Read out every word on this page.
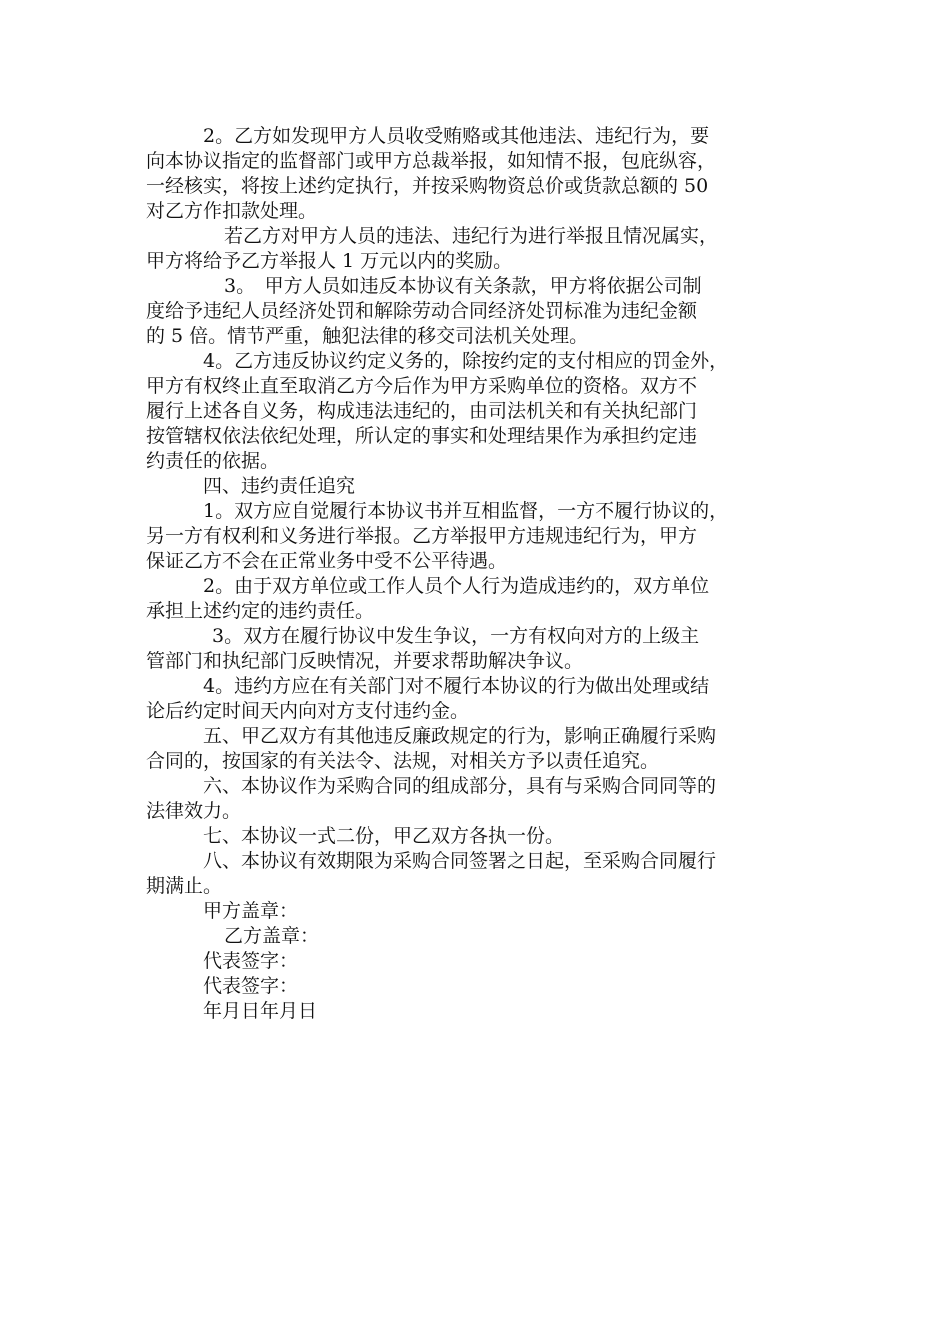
2。乙方如发现甲方人员收受贿赂或其他违法、违纪行为，要
向本协议指定的监督部门或甲方总裁举报，如知情不报，包庇纵容，
一经核实，将按上述约定执行，并按采购物资总价或货款总额的 50
对乙方作扣款处理。
若乙方对甲方人员的违法、违纪行为进行举报且情况属实，
甲方将给予乙方举报人 1 万元以内的奖励。
3。　甲方人员如违反本协议有关条款，甲方将依据公司制
度给予违纪人员经济处罚和解除劳动合同经济处罚标准为违纪金额
的 5 倍。情节严重，触犯法律的移交司法机关处理。
4。乙方违反协议约定义务的，除按约定的支付相应的罚金外，
甲方有权终止直至取消乙方今后作为甲方采购单位的资格。双方不
履行上述各自义务，构成违法违纪的，由司法机关和有关执纪部门
按管辖权依法依纪处理，所认定的事实和处理结果作为承担约定违
约责任的依据。
四、违约责任追究
1。双方应自觉履行本协议书并互相监督，一方不履行协议的，
另一方有权利和义务进行举报。乙方举报甲方违规违纪行为，甲方
保证乙方不会在正常业务中受不公平待遇。
2。由于双方单位或工作人员个人行为造成违约的，双方单位
承担上述约定的违约责任。
3。双方在履行协议中发生争议，一方有权向对方的上级主
管部门和执纪部门反映情况，并要求帮助解决争议。
4。违约方应在有关部门对不履行本协议的行为做出处理或结
论后约定时间天内向对方支付违约金。
五、甲乙双方有其他违反廉政规定的行为，影响正确履行采购
合同的，按国家的有关法令、法规，对相关方予以责任追究。
六、本协议作为采购合同的组成部分，具有与采购合同同等的
法律效力。
七、本协议一式二份，甲乙双方各执一份。
八、本协议有效期限为采购合同签署之日起，至采购合同履行
期满止。
甲方盖章：
乙方盖章：
代表签字：
代表签字：
年月日年月日
